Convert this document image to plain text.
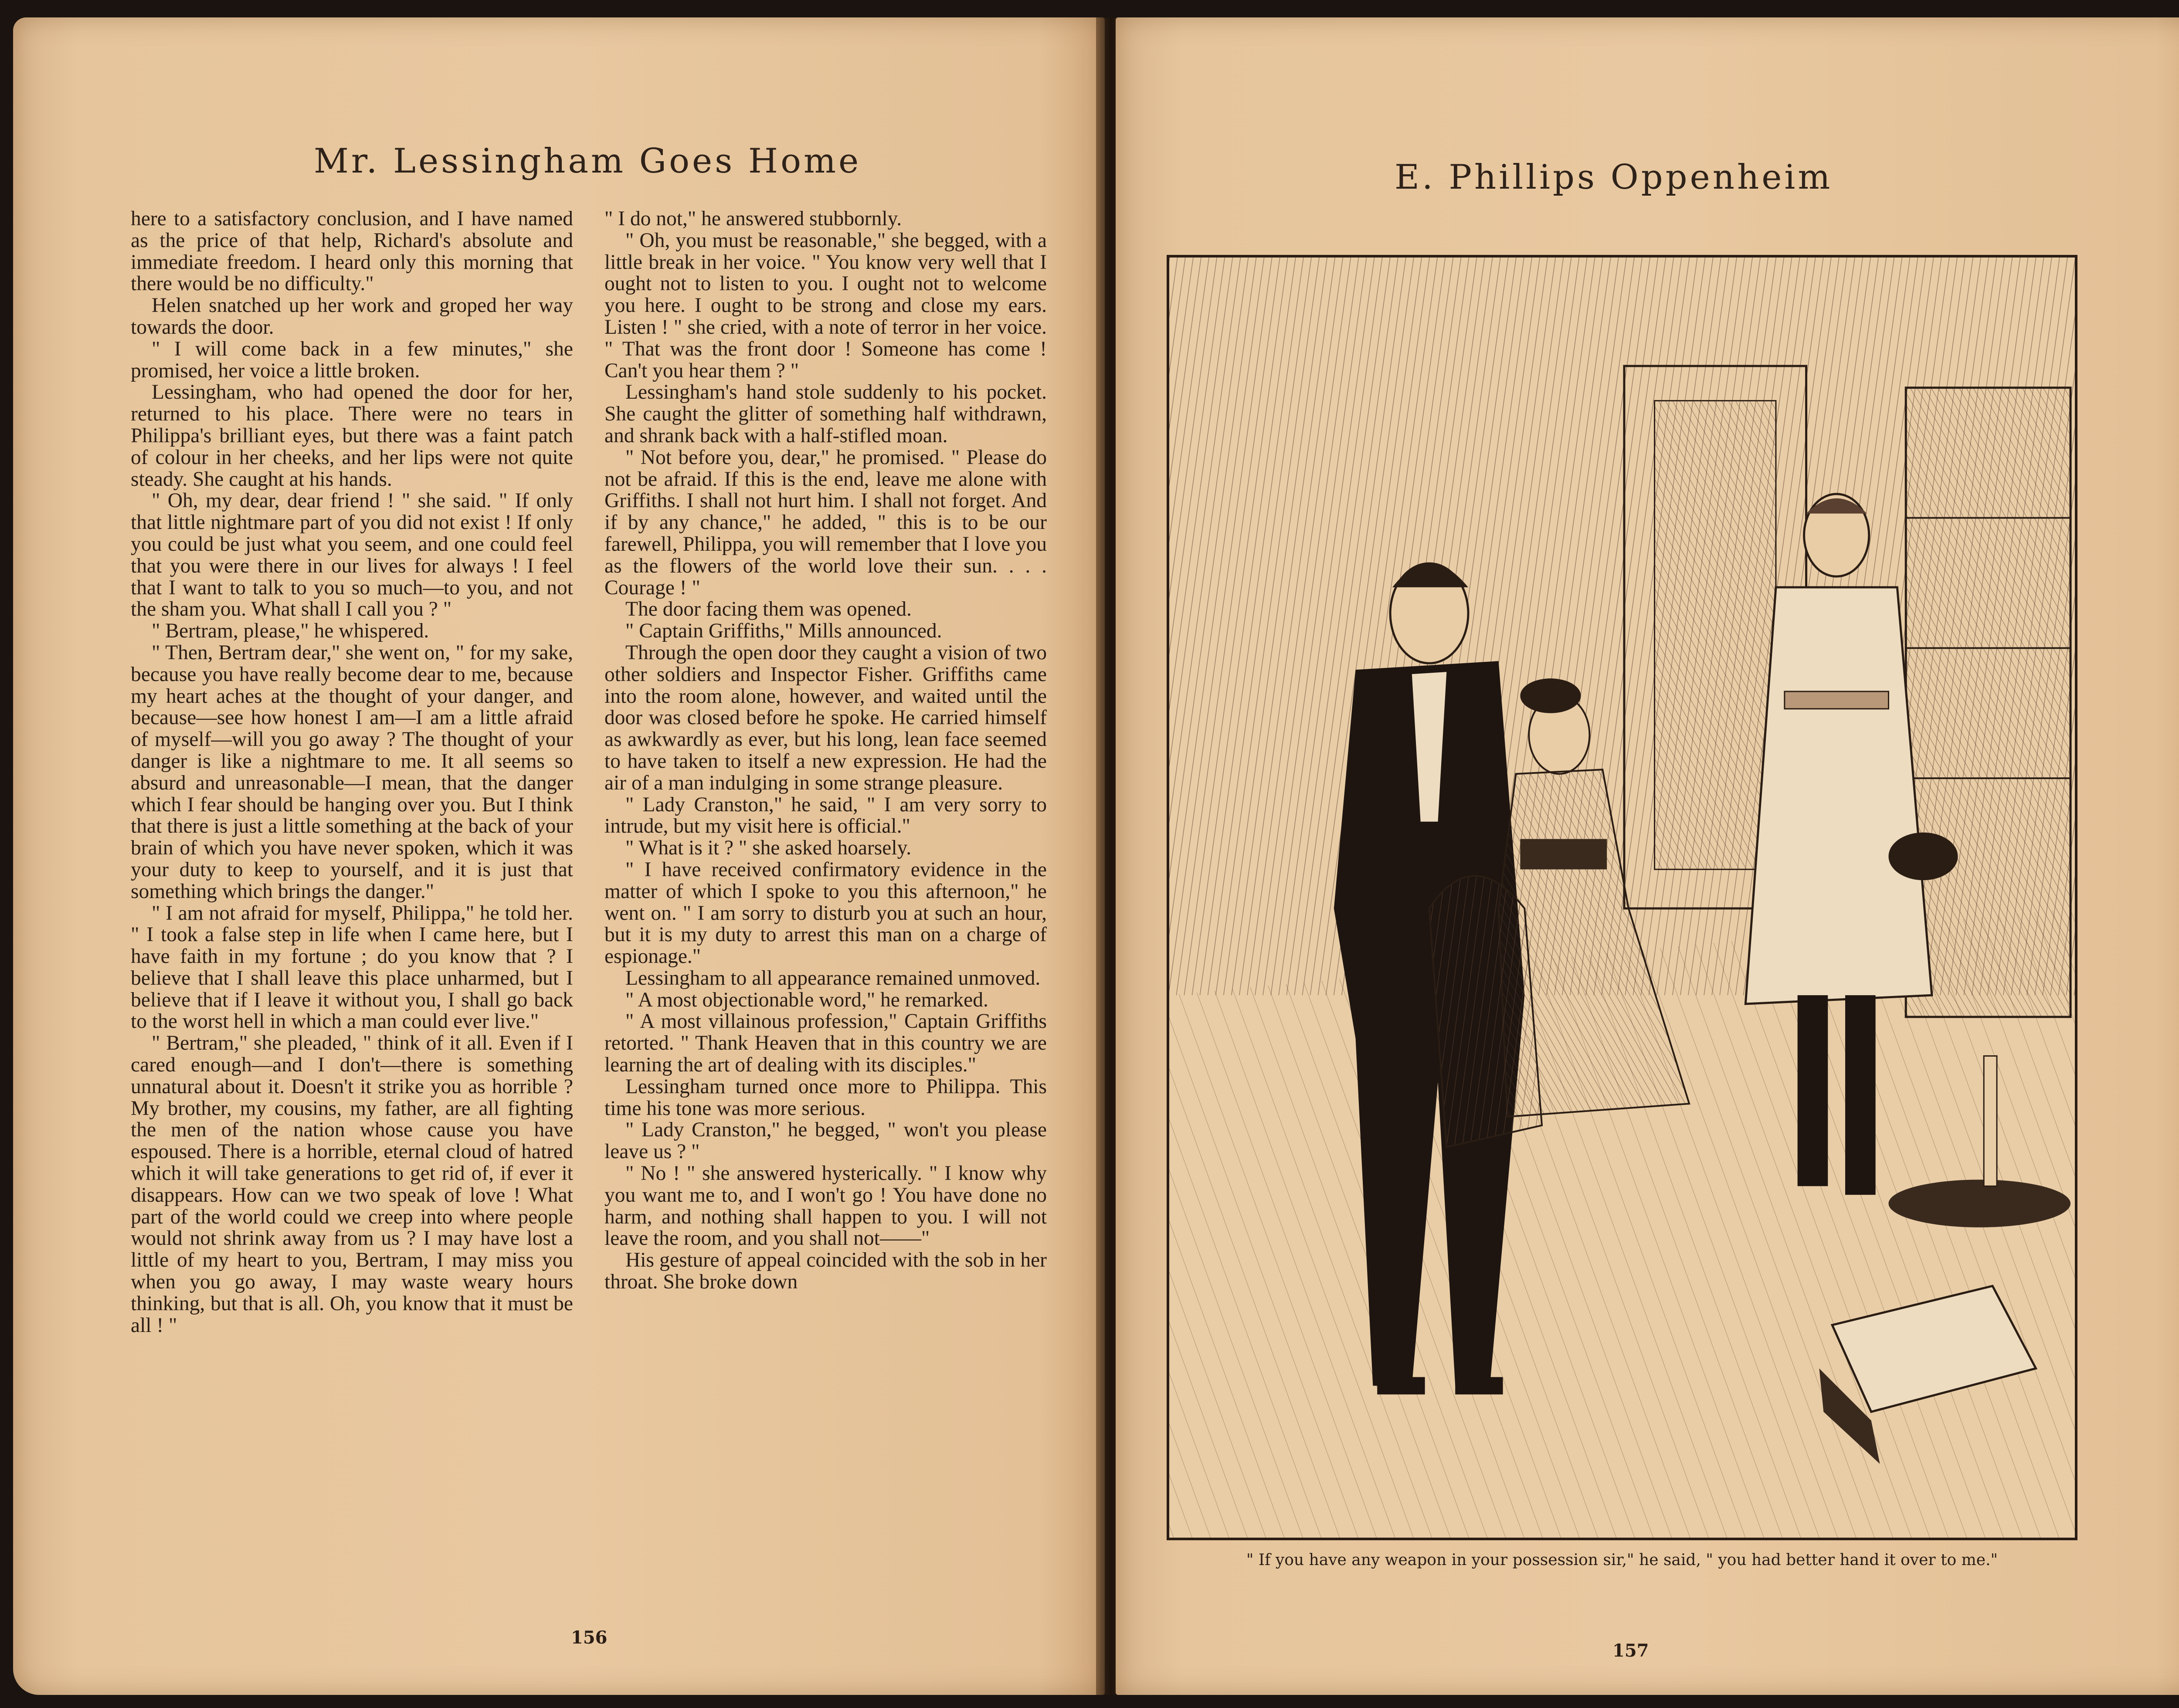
Mr. Lessingham Goes Home

here to a satisfactory conclusion, and I have named as the price of that help, Richard's absolute and immediate freedom. I heard only this morning that there would be no difficulty."

Helen snatched up her work and groped her way towards the door.

" I will come back in a few minutes," she promised, her voice a little broken.

Lessingham, who had opened the door for her, returned to his place. There were no tears in Philippa's brilliant eyes, but there was a faint patch of colour in her cheeks, and her lips were not quite steady. She caught at his hands.

" Oh, my dear, dear friend ! " she said. " If only that little nightmare part of you did not exist ! If only you could be just what you seem, and one could feel that you were there in our lives for always ! I feel that I want to talk to you so much—to you, and not the sham you. What shall I call you ? "

" Bertram, please," he whispered.

" Then, Bertram dear," she went on, " for my sake, because you have really become dear to me, because my heart aches at the thought of your danger, and because—see how honest I am—I am a little afraid of myself—will you go away ? The thought of your danger is like a nightmare to me. It all seems so absurd and unreasonable—I mean, that the danger which I fear should be hanging over you. But I think that there is just a little something at the back of your brain of which you have never spoken, which it was your duty to keep to yourself, and it is just that something which brings the danger."

" I am not afraid for myself, Philippa," he told her. " I took a false step in life when I came here, but I have faith in my fortune ; do you know that ? I believe that I shall leave this place unharmed, but I believe that if I leave it without you, I shall go back to the worst hell in which a man could ever live."

" Bertram," she pleaded, " think of it all. Even if I cared enough—and I don't—there is something unnatural about it. Doesn't it strike you as horrible ? My brother, my cousins, my father, are all fighting the men of the nation whose cause you have espoused. There is a horrible, eternal cloud of hatred which it will take generations to get rid of, if ever it disappears. How can we two speak of love ! What part of the world could we creep into where people would not shrink away from us ? I may have lost a little of my heart to you, Bertram, I may miss you when you go away, I may waste weary hours thinking, but that is all. Oh, you know that it must be all ! "

" I do not," he answered stubbornly.

" Oh, you must be reasonable," she begged, with a little break in her voice. " You know very well that I ought not to listen to you. I ought not to welcome you here. I ought to be strong and close my ears. Listen ! " she cried, with a note of terror in her voice. " That was the front door ! Someone has come ! Can't you hear them ? "

Lessingham's hand stole suddenly to his pocket. She caught the glitter of something half withdrawn, and shrank back with a half-stifled moan.

" Not before you, dear," he promised. " Please do not be afraid. If this is the end, leave me alone with Griffiths. I shall not hurt him. I shall not forget. And if by any chance," he added, " this is to be our farewell, Philippa, you will remember that I love you as the flowers of the world love their sun. . . . Courage ! "

The door facing them was opened.

" Captain Griffiths," Mills announced.

Through the open door they caught a vision of two other soldiers and Inspector Fisher. Griffiths came into the room alone, however, and waited until the door was closed before he spoke. He carried himself as awkwardly as ever, but his long, lean face seemed to have taken to itself a new expression. He had the air of a man indulging in some strange pleasure.

" Lady Cranston," he said, " I am very sorry to intrude, but my visit here is official."

" What is it ? " she asked hoarsely.

" I have received confirmatory evidence in the matter of which I spoke to you this afternoon," he went on. " I am sorry to disturb you at such an hour, but it is my duty to arrest this man on a charge of espionage."

Lessingham to all appearance remained unmoved.

" A most objectionable word," he remarked.

" A most villainous profession," Captain Griffiths retorted. " Thank Heaven that in this country we are learning the art of dealing with its disciples."

Lessingham turned once more to Philippa. This time his tone was more serious.

" Lady Cranston," he begged, " won't you please leave us ? "

" No ! " she answered hysterically. " I know why you want me to, and I won't go ! You have done no harm, and nothing shall happen to you. I will not leave the room, and you shall not——"

His gesture of appeal coincided with the sob in her throat. She broke down

156
E. Phillips Oppenheim
" If you have any weapon in your possession sir," he said, " you had better hand it over to me."
157
